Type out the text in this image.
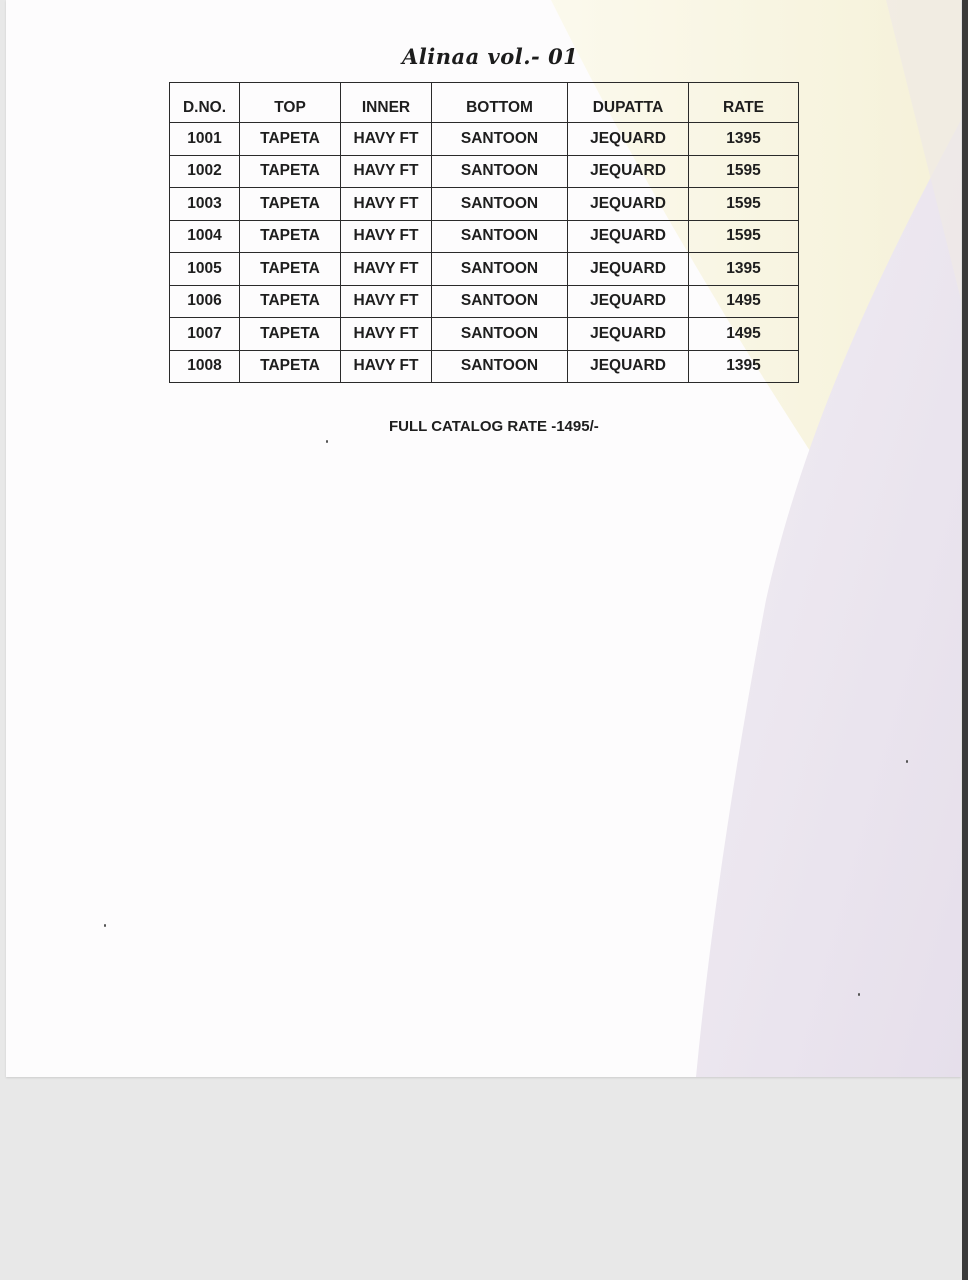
Alinaa vol.- 01
D.NO.	TOP	INNER	BOTTOM	DUPATTA	RATE
1001	TAPETA	HAVY FT	SANTOON	JEQUARD	1395
1002	TAPETA	HAVY FT	SANTOON	JEQUARD	1595
1003	TAPETA	HAVY FT	SANTOON	JEQUARD	1595
1004	TAPETA	HAVY FT	SANTOON	JEQUARD	1595
1005	TAPETA	HAVY FT	SANTOON	JEQUARD	1395
1006	TAPETA	HAVY FT	SANTOON	JEQUARD	1495
1007	TAPETA	HAVY FT	SANTOON	JEQUARD	1495
1008	TAPETA	HAVY FT	SANTOON	JEQUARD	1395
FULL CATALOG RATE -1495/-
